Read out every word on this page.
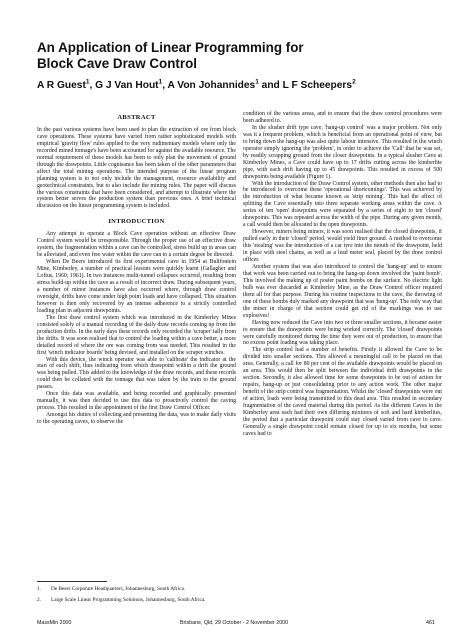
An Application of Linear Programming for
Block Cave Draw Control
A R Guest$^1$, G J Van Hout$^1$, A Von Johannides$^1$ and L F Scheepers$^2$
ABSTRACT

In the past various systems have been used to plan the extraction of ore from block cave operations. These systems have varied from rather sophisticated models with empirical 'gravity flow' rules applied to the very rudimentary models where only the recorded mined tonnage's have been accounted for against the available resource. The normal requirement of these models has been to only plan the movement of ground through the drawpoints. Little cognisance has been taken of the other parameters that affect the total mining operations. The intended purpose of the linear program planning system is to not only include the management, resource availability and geotechnical constraints, but to also include the mining rules. The paper will discuss the various constraints that have been considered, and attempt to illustrate where the system better serves the production system than previous ones. A brief technical discussion on the linear programming system is included.

INTRODUCTION

Any attempt to operate a Block Cave operation without an effective Draw Control system would be irresponsible. Through the proper use of an effective draw system, the fragmentation within a cave can be controlled, stress build up in areas can be alleviated, and even free water within the cave can to a certain degree be directed.

When De Beers introduced its first experimental cave in 1954 at Bultfontein Mine, Kimberley, a number of practical lessons were quickly learnt (Gallagher and Loftus, 1960; 1961). In two instances multi-tunnel collapses occurred, resulting from stress build-up within the cave as a result of incorrect draw. During subsequent years, a number of minor instances have also occurred where, through draw control oversight, drifts have come under high point loads and have collapsed. This situation however is then only recovered by an intense adherence to a strictly controlled loading plan in adjacent drawpoints.

The first draw control system which was introduced in the Kimberley Mines consisted solely of a manual recording of the daily draw records coming up from the production drifts. In the early days these records only recorded the 'scraper' tally from the drifts. It was soon realised that to control the loading within a cave better, a more detailed record of where the ore was coming from was needed. This resulted in the first 'winch indicator boards' being devised, and installed on the scraper winches.

With this device, the winch operator was able to 'calibrate' the indicator at the start of each shift, thus indicating from which drawpoint within a drift the ground was being pulled. This added to the knowledge of the draw records, and these records could then be collated with the tonnage that was taken by the train to the ground passes.

Once this data was available, and being recorded and graphically presented manually, it was then decided to use this data to proactively control the caving process. This resulted in the appointment of the first Draw Control Officer.

Amongst his duties of collecting and presenting the data, was to make daily visits to the operating caves, to observe the

1. De Beers Corporate Headquarters, Johannesburg, South Africa.
2. Large Scale Linear Programming Solutions, Johannesburg, South Africa.

condition of the various areas, and to ensure that the draw control procedures were been adhered to.

In the slusher drift type cave, 'hang-up control' was a major problem. Not only was it a frequent problem, which is beneficial from an operational point of view, but to bring down the hang-up was also quite labour intensive. This resulted in the winch operator simply ignoring the 'problem', in order to achieve the 'Call' that he was set, by readily scrapping ground from the closer drawpoints. In a typical slusher Cave at Kimberley Mines, a Cave could have up to 17 drifts cutting across the kimberlite pipe, with each drift having up to 45 drawpoints. This resulted in excess of 500 drawpoints being available (Figure 1).

With the introduction of the Draw Control system, other methods then also had to be introduced to overcome these 'operational shortcomings'. This was achieved by the introduction of what became known as 'strip mining'. This had the affect of splitting the Cave essentially into three separate working areas within the cave. A series of ten 'open' drawpoints were separated by a series of eight to ten 'closed' drawpoints. This was repeated across the width of the pipe. During any given month, a call would then be allocated to the open drawpoints.

However, miners being miners, it was soon realised that the closed drawpoints, if pulled early in their 'closed' period, would yield finer ground. A method to overcome this 'stealing' was the introduction of a car tyre into the mouth of the drawpoint, held in place with steel chains, as well as a lead meter seal, placed by the draw control officer.

Another system that was also introduced to control the 'hang-up' and to ensure that work was been carried out to bring the hang-up down involved the 'paint bomb'. This involved the making up of poster paint bombs on the surface. No electric light bulb was ever discarded at Kimberley Mine, as the Draw Control officer required them all for that purpose. During his routine inspections to the cave, the throwing of one of these bombs duly marked any drawpoint that was 'hung-up'. The only way that the miner in charge of that section could get rid of the markings was to use explosives!

Having now reduced the Cave into two or three smaller sections, it became easier to ensure that the drawpoints were being worked correctly. The 'closed' drawpoints were carefully monitored during the time they were out of production, to ensure that no excess point loading was taking place.

The strip control had a number of benefits. Firstly it allowed the Cave to be divided into smaller sections. This allowed a meaningful call to be placed on that area. Generally, a call for 80 per cent of the available drawpoints would be placed on an area. This would then be split between the individual drift drawpoints in the section. Secondly, it also allowed time for some drawpoints to be out of action for repairs, hang-up or just consolidating prior to any action work. The other major benefit of the strip control was fragmentation. Whilst the 'closed' drawpoints were out of action, loads were being transmitted to this dead area. This resulted in secondary fragmentation of the caved material during this period. As the different Caves in the Kimberley area each had their own differing mixtures of soft and hard kimberlites, the period that a particular drawpoint could stay closed varied from cave to cave. Generally a single drawpoint could remain closed for up to six months, but some caves had to

MassMin 2000	Brisbane, Qld, 29 October - 2 November 2000	461
